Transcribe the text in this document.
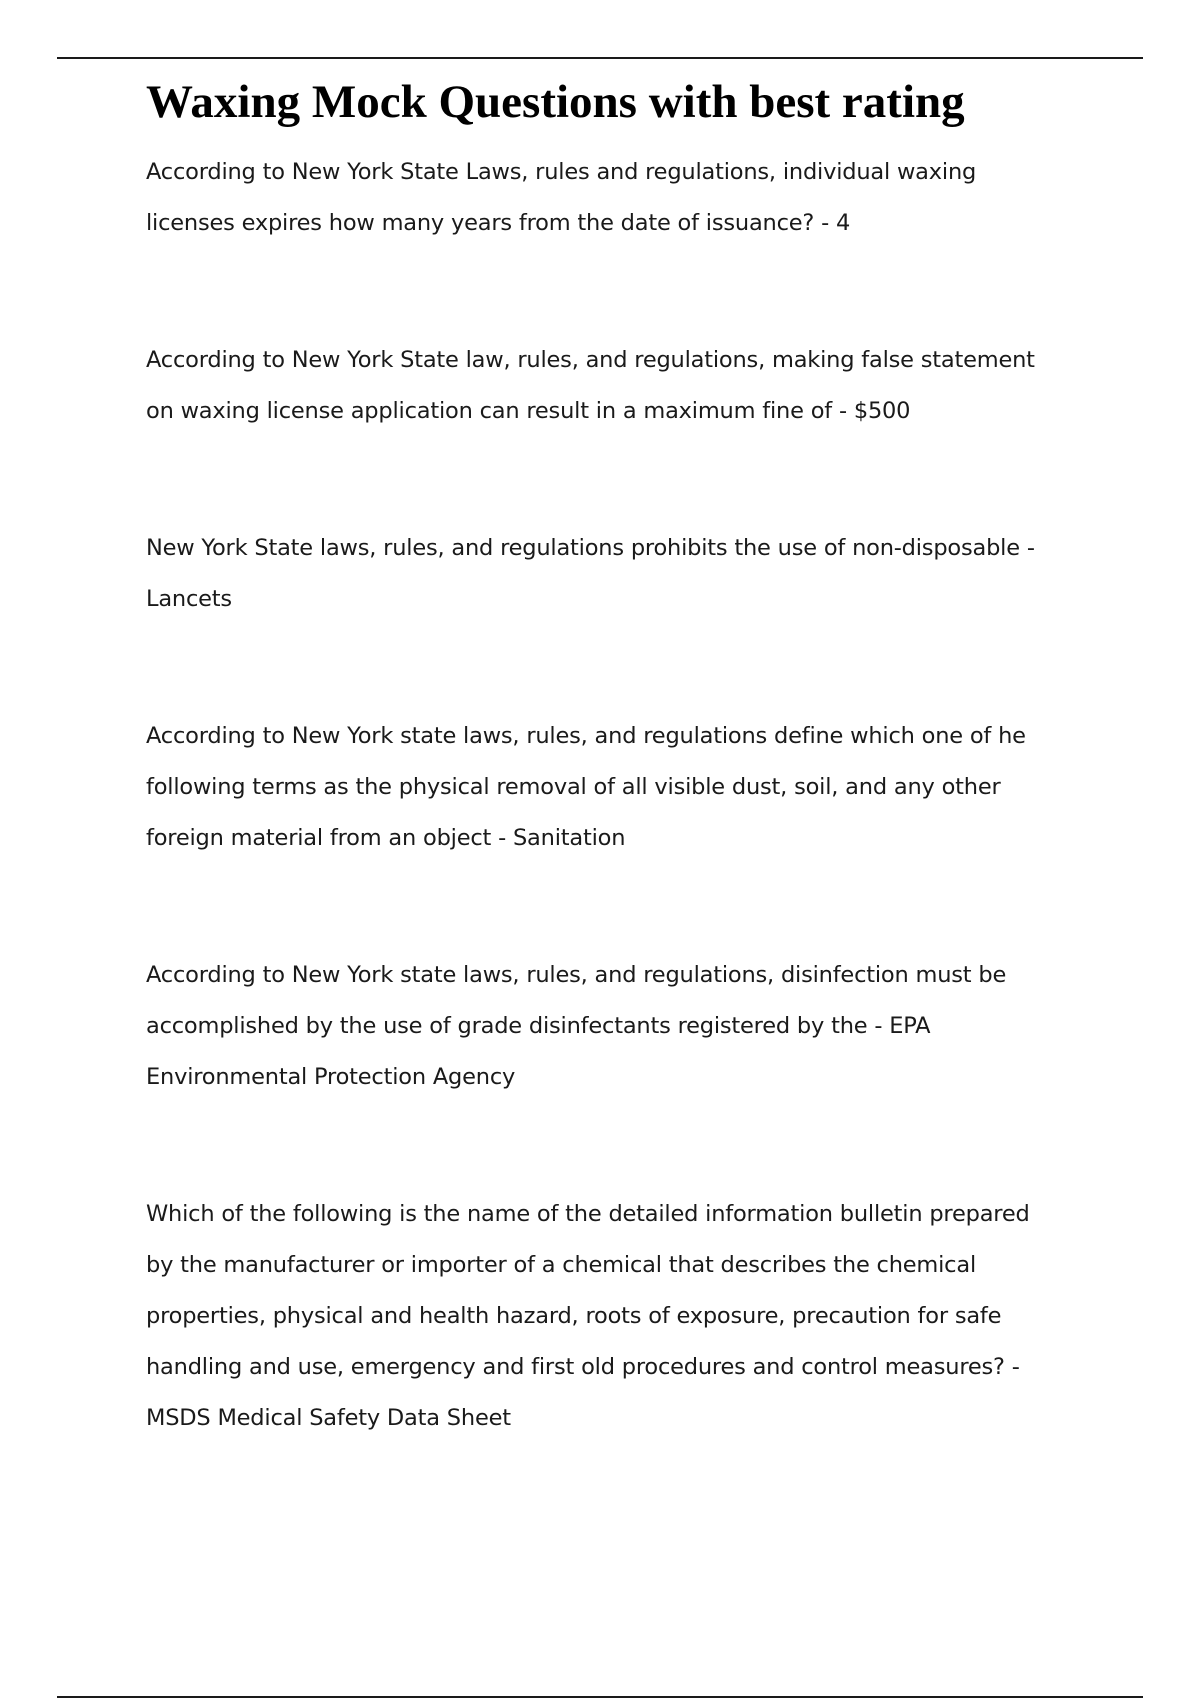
Waxing Mock Questions with best rating
According to New York State Laws, rules and regulations, individual waxing
licenses expires how many years from the date of issuance? - 4
According to New York State law, rules, and regulations, making false statement
on waxing license application can result in a maximum fine of - $500
New York State laws, rules, and regulations prohibits the use of non-disposable -
Lancets
According to New York state laws, rules, and regulations define which one of he
following terms as the physical removal of all visible dust, soil, and any other
foreign material from an object - Sanitation
According to New York state laws, rules, and regulations, disinfection must be
accomplished by the use of grade disinfectants registered by the - EPA
Environmental Protection Agency
Which of the following is the name of the detailed information bulletin prepared
by the manufacturer or importer of a chemical that describes the chemical
properties, physical and health hazard, roots of exposure, precaution for safe
handling and use, emergency and first old procedures and control measures? -
MSDS Medical Safety Data Sheet
